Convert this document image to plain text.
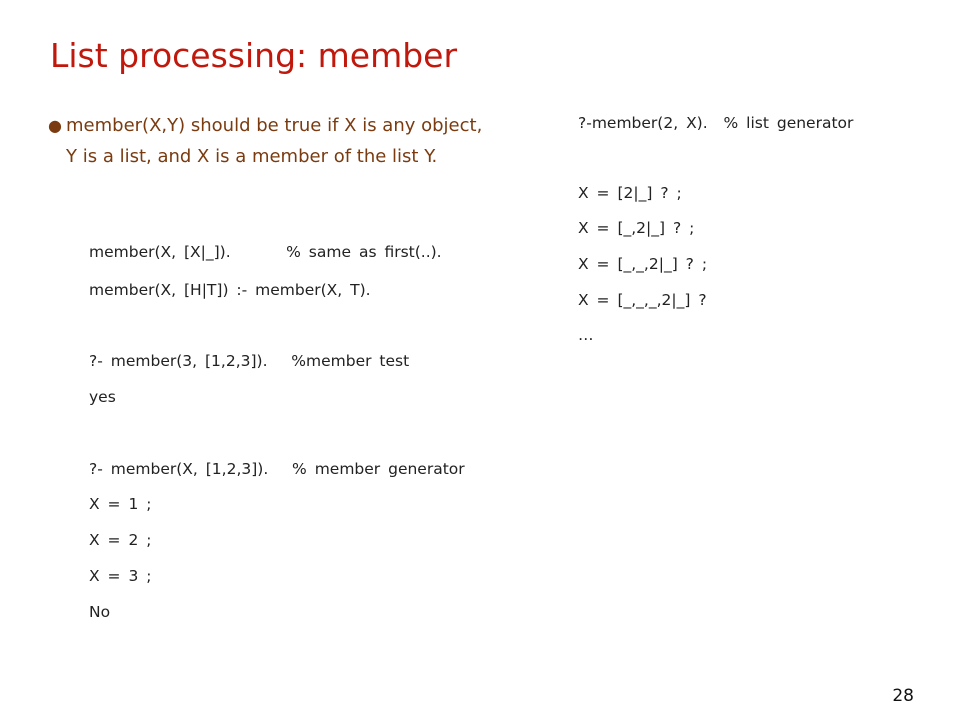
List processing: member
● member(X,Y) should be true if X is any object, Y is a list, and X is a member of the list Y.
member(X, [X|_]).       % same as first(..).
member(X, [H|T]) :- member(X, T).
?- member(3, [1,2,3]).   %member test
yes
?- member(X, [1,2,3]).   % member generator
X = 1 ;
X = 2 ;
X = 3 ;
No
?-member(2, X).  % list generator
X = [2|_] ? ;
X = [_,2|_] ? ;
X = [_,_,2|_] ? ;
X = [_,_,_,2|_] ?
…
28
